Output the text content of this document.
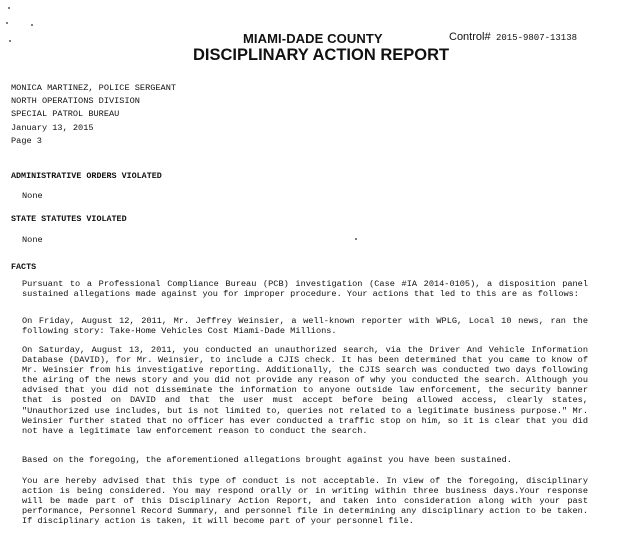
MIAMI-DADE COUNTY
DISCIPLINARY ACTION REPORT
Control# 2015-9807-13138
MONICA MARTINEZ, POLICE SERGEANT
NORTH OPERATIONS DIVISION
SPECIAL PATROL BUREAU
January 13, 2015
Page 3
ADMINISTRATIVE ORDERS VIOLATED
None
STATE STATUTES VIOLATED
None
FACTS

Pursuant to a Professional Compliance Bureau (PCB) investigation (Case #IA 2014-0105), a disposition panel sustained allegations made against you for improper procedure. Your actions that led to this are as follows:

On Friday, August 12, 2011, Mr. Jeffrey Weinsier, a well-known reporter with WPLG, Local 10 news, ran the following story: Take-Home Vehicles Cost Miami-Dade Millions.

On Saturday, August 13, 2011, you conducted an unauthorized search, via the Driver And Vehicle Information Database (DAVID), for Mr. Weinsier, to include a CJIS check. It has been determined that you came to know of Mr. Weinsier from his investigative reporting. Additionally, the CJIS search was conducted two days following the airing of the news story and you did not provide any reason of why you conducted the search. Although you advised that you did not disseminate the information to anyone outside law enforcement, the security banner that is posted on DAVID and that the user must accept before being allowed access, clearly states, "Unauthorized use includes, but is not limited to, queries not related to a legitimate business purpose." Mr. Weinsier further stated that no officer has ever conducted a traffic stop on him, so it is clear that you did not have a legitimate law enforcement reason to conduct the search.

Based on the foregoing, the aforementioned allegations brought against you have been sustained.

You are hereby advised that this type of conduct is not acceptable. In view of the foregoing, disciplinary action is being considered. You may respond orally or in writing within three business days.Your response will be made part of this Disciplinary Action Report, and taken into consideration along with your past performance, Personnel Record Summary, and personnel file in determining any disciplinary action to be taken. If disciplinary action is taken, it will become part of your personnel file.
